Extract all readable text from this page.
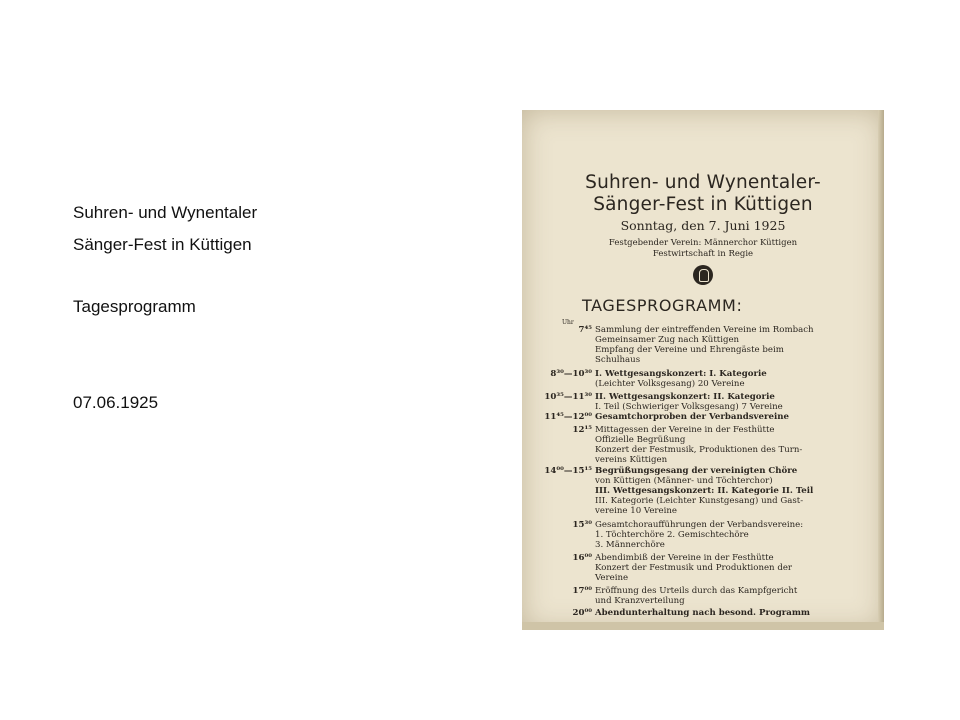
Suhren- und Wynentaler
Sänger-Fest in Küttigen
Tagesprogramm
07.06.1925
Suhren- und Wynentaler-
Sänger-Fest in Küttigen
Sonntag, den 7. Juni 1925
Festgebender Verein: Männerchor Küttigen
Festwirtschaft in Regie
TAGESPROGRAMM:
Uhr
7⁴⁵ Sammlung der eintreffenden Vereine im Rombach
Gemeinsamer Zug nach Küttigen
Empfang der Vereine und Ehrengäste beim
Schulhaus
8³⁰—10³⁰ I. Wettgesangskonzert: I. Kategorie
(Leichter Volksgesang) 20 Vereine
10³⁵—11³⁰ II. Wettgesangskonzert: II. Kategorie
I. Teil (Schwieriger Volksgesang) 7 Vereine
11⁴⁵—12⁰⁰ Gesamtchorproben der Verbandsvereine
12¹⁵ Mittagessen der Vereine in der Festhütte
Offizielle Begrüßung
Konzert der Festmusik, Produktionen des Turn-
vereins Küttigen
14⁰⁰—15¹⁵ Begrüßungsgesang der vereinigten Chöre
von Küttigen (Männer- und Töchterchor)
III. Wettgesangskonzert: II. Kategorie II. Teil
III. Kategorie (Leichter Kunstgesang) und Gast-
vereine 10 Vereine
15³⁰ Gesamtchoraufführungen der Verbandsvereine:
1. Töchterchöre 2. Gemischtechöre
3. Männerchöre
16⁰⁰ Abendimbiß der Vereine in der Festhütte
Konzert der Festmusik und Produktionen der
Vereine
17⁰⁰ Eröffnung des Urteils durch das Kampfgericht
und Kranzverteilung
20⁰⁰ Abendunterhaltung nach besond. Programm
